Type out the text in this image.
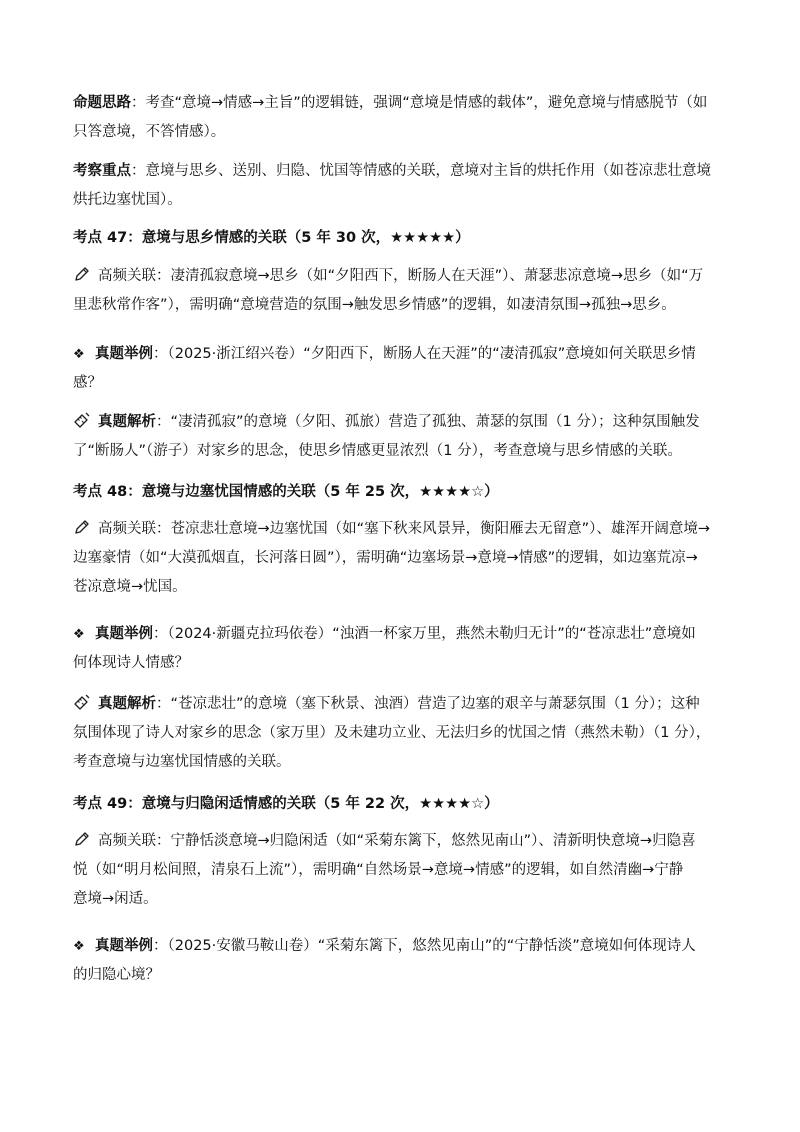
命题思路：考查“意境→情感→主旨”的逻辑链，强调“意境是情感的载体”，避免意境与情感脱节（如
只答意境，不答情感）。
考察重点：意境与思乡、送别、归隐、忧国等情感的关联，意境对主旨的烘托作用（如苍凉悲壮意境
烘托边塞忧国）。
考点 47：意境与思乡情感的关联（5 年 30 次，★★★★★）
高频关联：凄清孤寂意境→思乡（如“夕阳西下，断肠人在天涯”）、萧瑟悲凉意境→思乡（如“万
里悲秋常作客”），需明确“意境营造的氛围→触发思乡情感”的逻辑，如凄清氛围→孤独→思乡。
❖ 真题举例：（2025·浙江绍兴卷）“夕阳西下，断肠人在天涯”的“凄清孤寂”意境如何关联思乡情
感？
真题解析：“凄清孤寂”的意境（夕阳、孤旅）营造了孤独、萧瑟的氛围（1 分）；这种氛围触发
了“断肠人”（游子）对家乡的思念，使思乡情感更显浓烈（1 分），考查意境与思乡情感的关联。
考点 48：意境与边塞忧国情感的关联（5 年 25 次，★★★★☆）
高频关联：苍凉悲壮意境→边塞忧国（如“塞下秋来风景异，衡阳雁去无留意”）、雄浑开阔意境→
边塞豪情（如“大漠孤烟直，长河落日圆”），需明确“边塞场景→意境→情感”的逻辑，如边塞荒凉→
苍凉意境→忧国。
❖ 真题举例：（2024·新疆克拉玛依卷）“浊酒一杯家万里，燕然未勒归无计”的“苍凉悲壮”意境如
何体现诗人情感？
真题解析：“苍凉悲壮”的意境（塞下秋景、浊酒）营造了边塞的艰辛与萧瑟氛围（1 分）；这种
氛围体现了诗人对家乡的思念（家万里）及未建功立业、无法归乡的忧国之情（燕然未勒）（1 分），
考查意境与边塞忧国情感的关联。
考点 49：意境与归隐闲适情感的关联（5 年 22 次，★★★★☆）
高频关联：宁静恬淡意境→归隐闲适（如“采菊东篱下，悠然见南山”）、清新明快意境→归隐喜
悦（如“明月松间照，清泉石上流”），需明确“自然场景→意境→情感”的逻辑，如自然清幽→宁静
意境→闲适。
❖ 真题举例：（2025·安徽马鞍山卷）“采菊东篱下，悠然见南山”的“宁静恬淡”意境如何体现诗人
的归隐心境？
